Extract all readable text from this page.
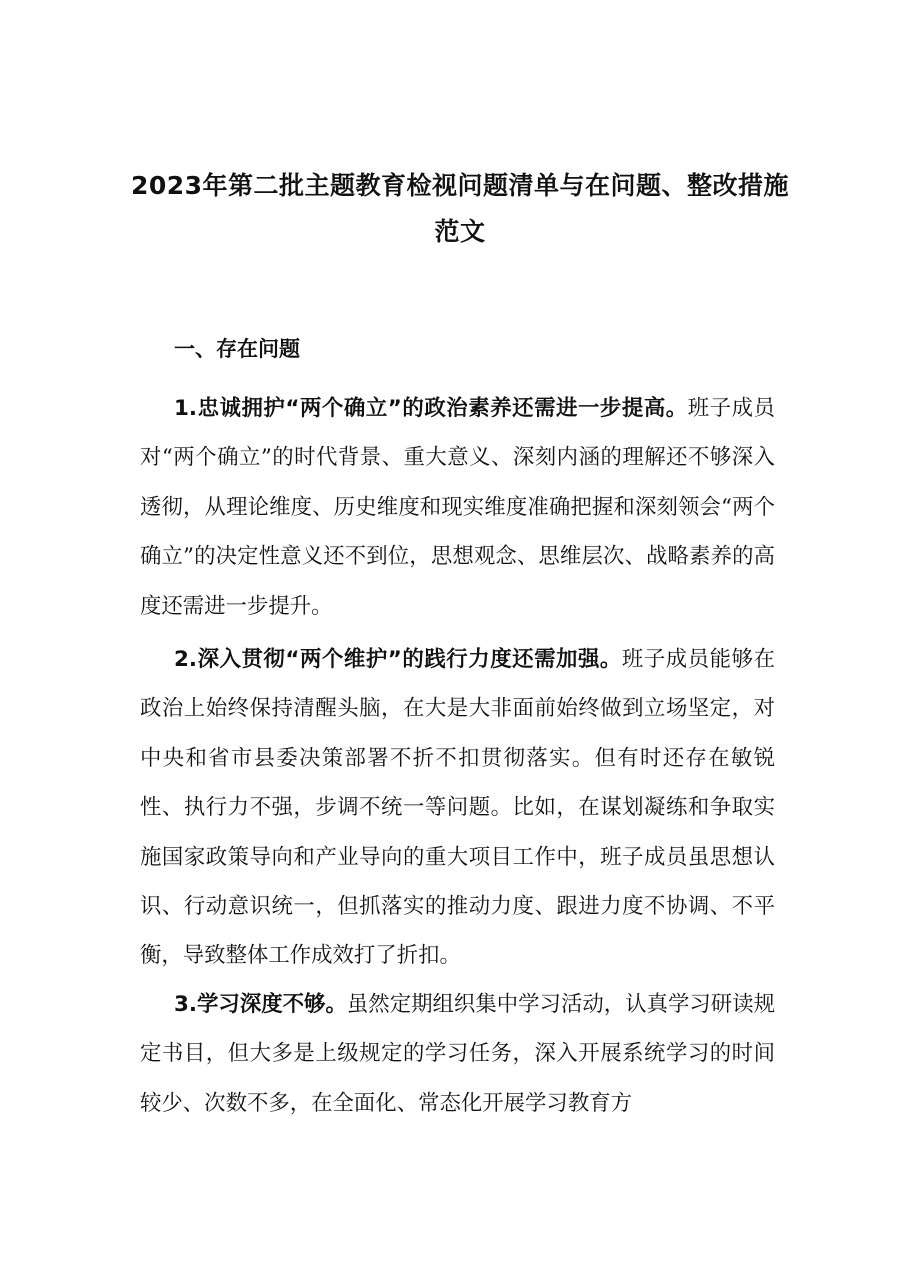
2023年第二批主题教育检视问题清单与在问题、整改措施范文
一、存在问题

1.忠诚拥护“两个确立”的政治素养还需进一步提高。班子成员对“两个确立”的时代背景、重大意义、深刻内涵的理解还不够深入透彻，从理论维度、历史维度和现实维度准确把握和深刻领会“两个确立”的决定性意义还不到位，思想观念、思维层次、战略素养的高度还需进一步提升。

2.深入贯彻“两个维护”的践行力度还需加强。班子成员能够在政治上始终保持清醒头脑，在大是大非面前始终做到立场坚定，对中央和省市县委决策部署不折不扣贯彻落实。但有时还存在敏锐性、执行力不强，步调不统一等问题。比如，在谋划凝练和争取实施国家政策导向和产业导向的重大项目工作中，班子成员虽思想认识、行动意识统一，但抓落实的推动力度、跟进力度不协调、不平衡，导致整体工作成效打了折扣。

3.学习深度不够。虽然定期组织集中学习活动，认真学习研读规定书目，但大多是上级规定的学习任务，深入开展系统学习的时间较少、次数不多，在全面化、常态化开展学习教育方
